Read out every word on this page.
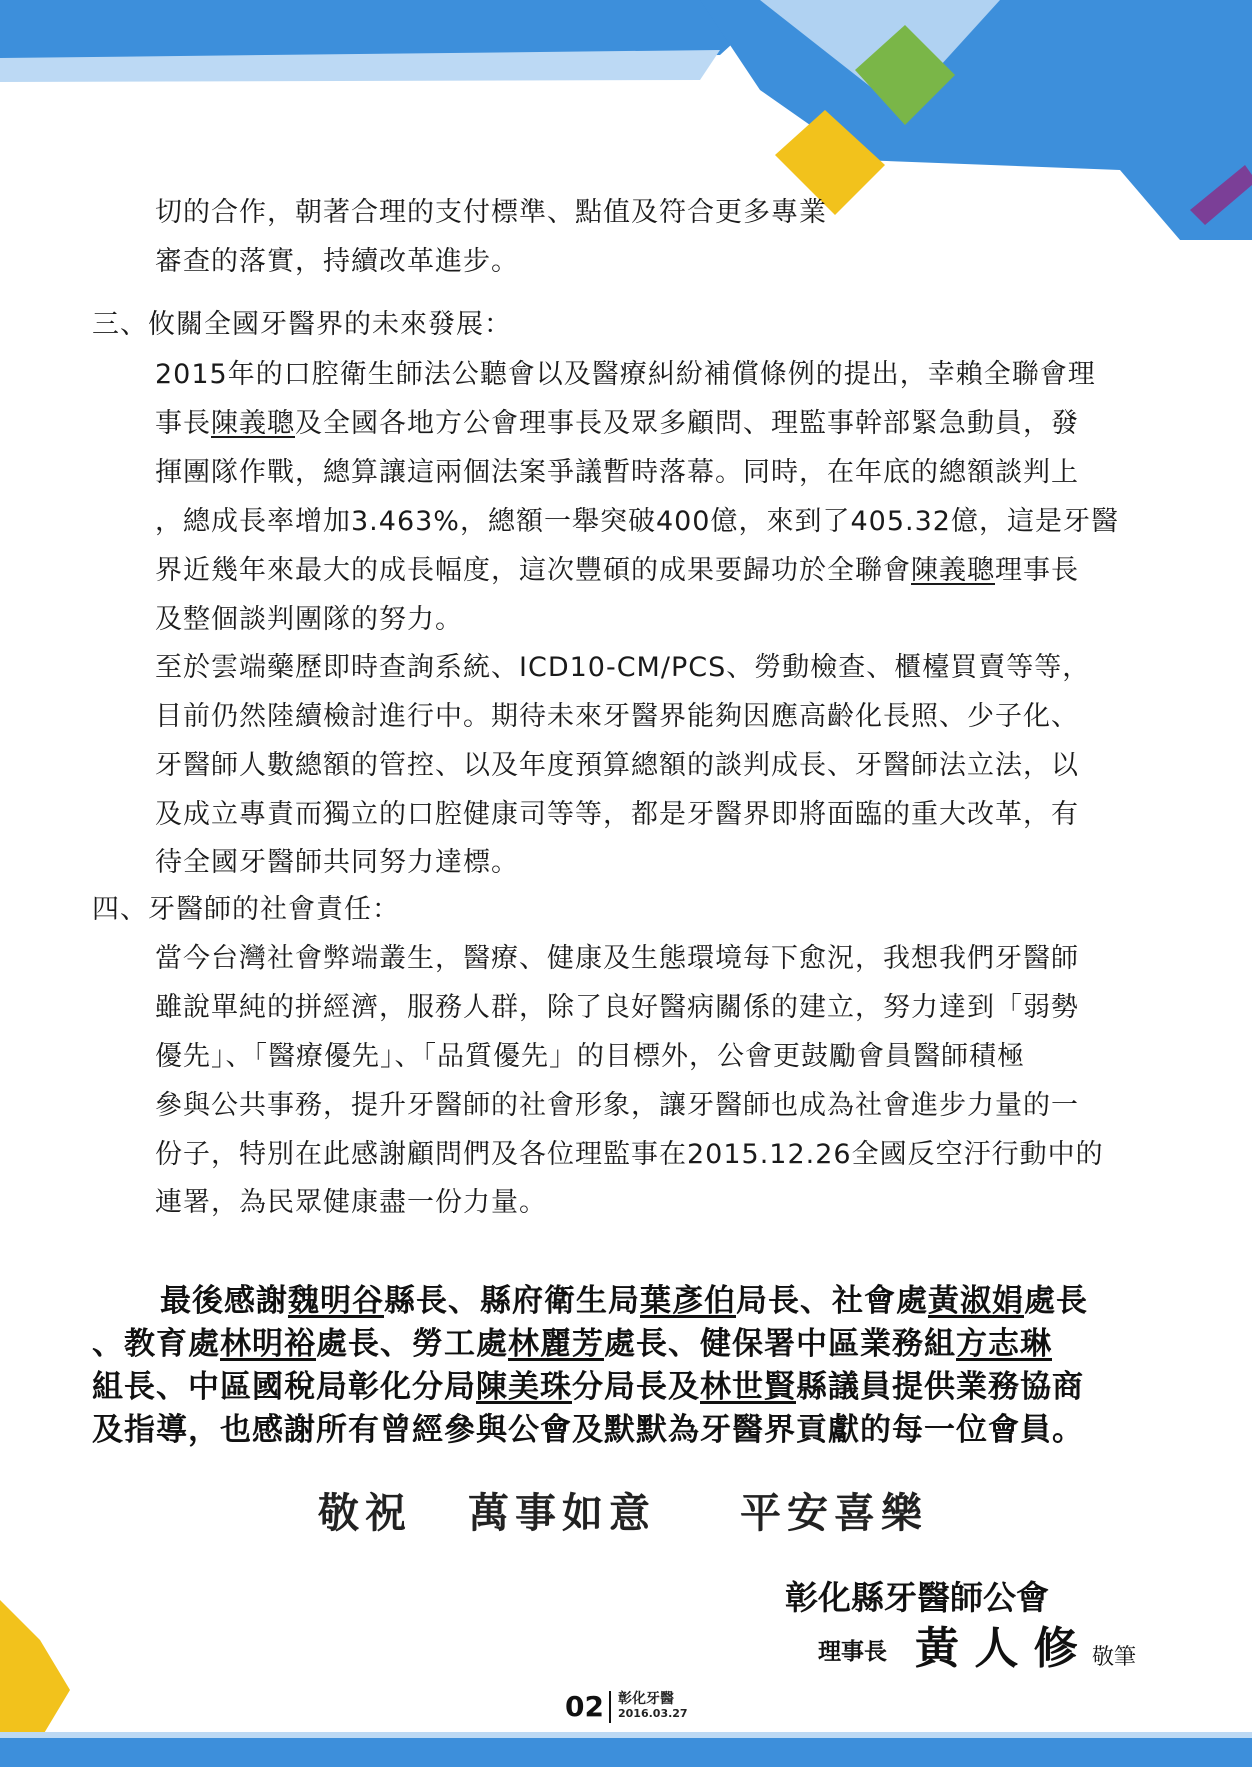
切的合作，朝著合理的支付標準、點值及符合更多專業
審查的落實，持續改革進步。
三、攸關全國牙醫界的未來發展：
2015年的口腔衛生師法公聽會以及醫療糾紛補償條例的提出，幸賴全聯會理
事長陳義聰及全國各地方公會理事長及眾多顧問、理監事幹部緊急動員，發
揮團隊作戰，總算讓這兩個法案爭議暫時落幕。同時，在年底的總額談判上
，總成長率增加3.463%，總額一舉突破400億，來到了405.32億，這是牙醫
界近幾年來最大的成長幅度，這次豐碩的成果要歸功於全聯會陳義聰理事長
及整個談判團隊的努力。
至於雲端藥歷即時查詢系統、ICD10-CM/PCS、勞動檢查、櫃檯買賣等等，
目前仍然陸續檢討進行中。期待未來牙醫界能夠因應高齡化長照、少子化、
牙醫師人數總額的管控、以及年度預算總額的談判成長、牙醫師法立法，以
及成立專責而獨立的口腔健康司等等，都是牙醫界即將面臨的重大改革，有
待全國牙醫師共同努力達標。
四、牙醫師的社會責任：
當今台灣社會弊端叢生，醫療、健康及生態環境每下愈況，我想我們牙醫師
雖說單純的拼經濟，服務人群，除了良好醫病關係的建立，努力達到「弱勢
優先」、「醫療優先」、「品質優先」的目標外，公會更鼓勵會員醫師積極
參與公共事務，提升牙醫師的社會形象，讓牙醫師也成為社會進步力量的一
份子，特別在此感謝顧問們及各位理監事在2015.12.26全國反空汙行動中的
連署，為民眾健康盡一份力量。
最後感謝魏明谷縣長、縣府衛生局葉彥伯局長、社會處黃淑娟處長
、教育處林明裕處長、勞工處林麗芳處長、健保署中區業務組方志琳
組長、中區國稅局彰化分局陳美珠分局長及林世賢縣議員提供業務協商
及指導，也感謝所有曾經參與公會及默默為牙醫界貢獻的每一位會員。
敬祝 萬事如意 平安喜樂
彰化縣牙醫師公會
理事長 黃 人 修 敬筆
02 彰化牙醫
2016.03.27
